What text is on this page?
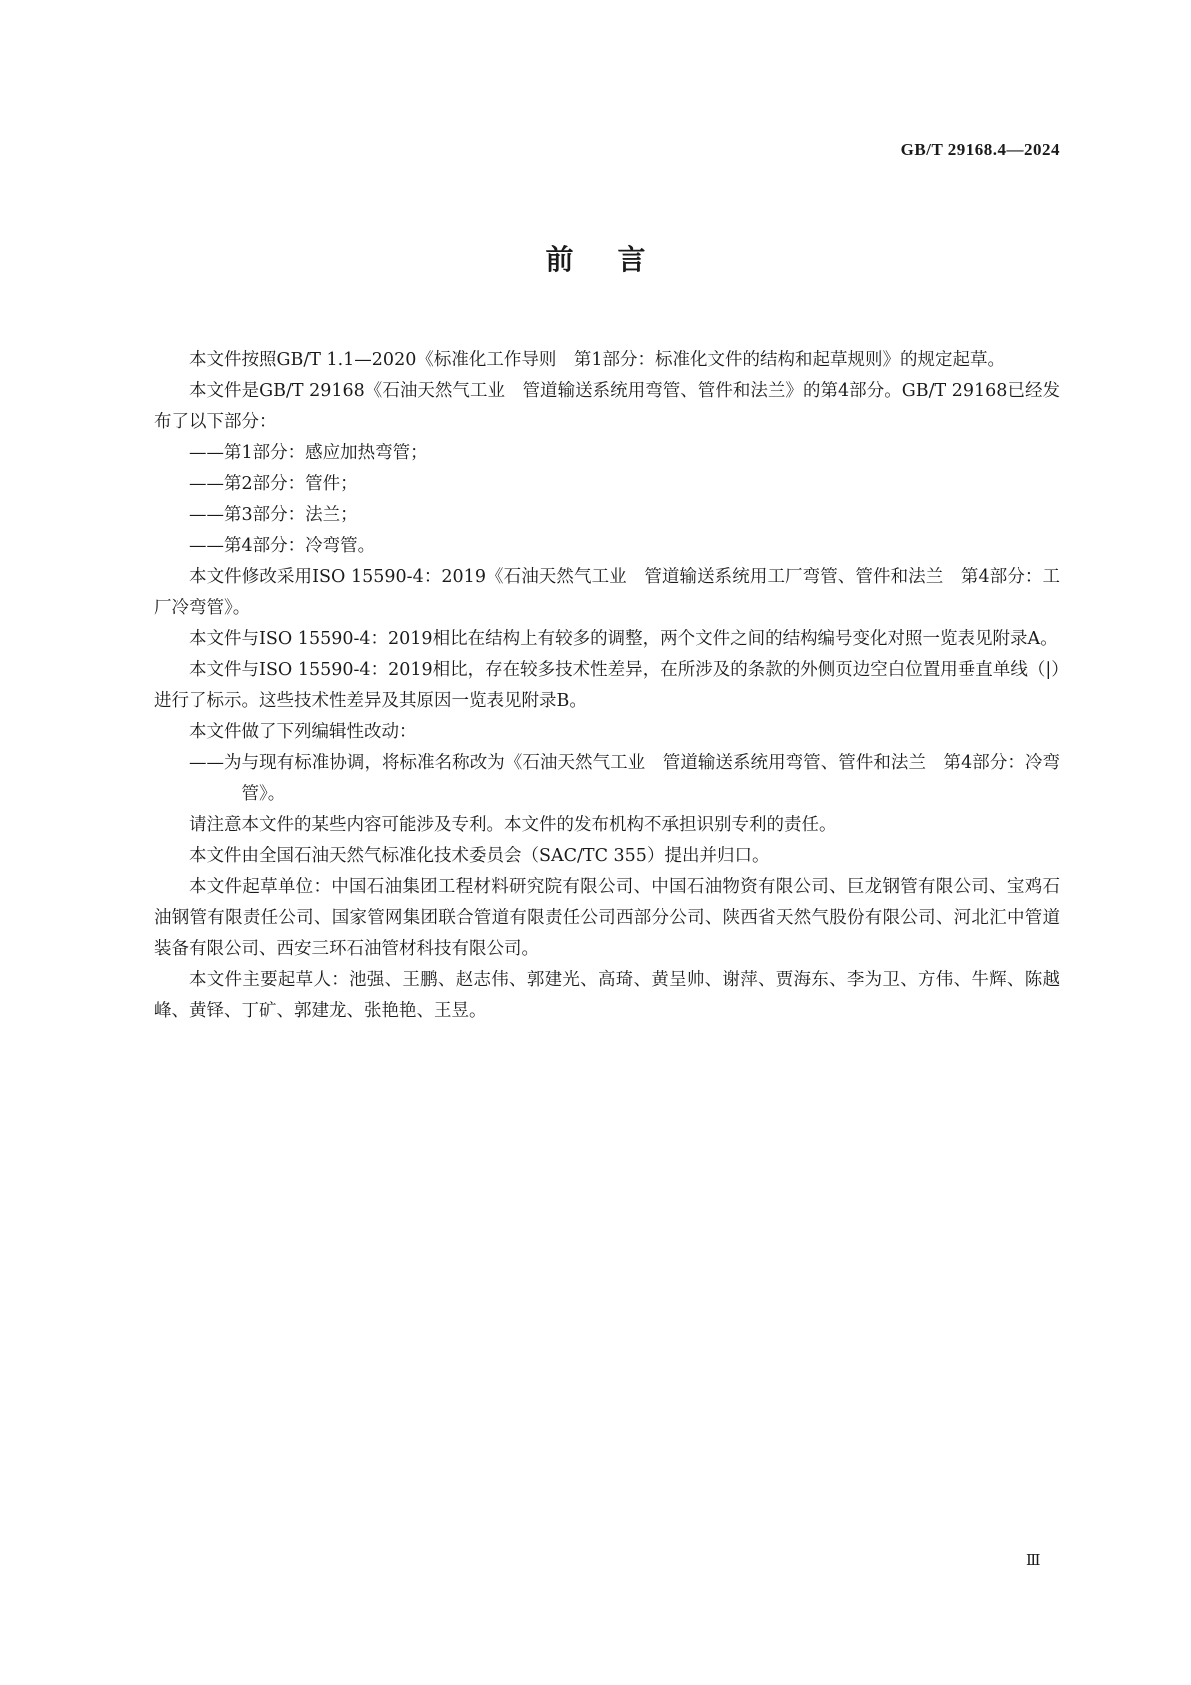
GB/T 29168.4—2024
前言

本文件按照GB/T 1.1—2020《标准化工作导则　第1部分：标准化文件的结构和起草规则》的规定起草。

本文件是GB/T 29168《石油天然气工业　管道输送系统用弯管、管件和法兰》的第4部分。GB/T 29168已经发布了以下部分：

——第1部分：感应加热弯管；

——第2部分：管件；

——第3部分：法兰；

——第4部分：冷弯管。

本文件修改采用ISO 15590-4：2019《石油天然气工业　管道输送系统用工厂弯管、管件和法兰　第4部分：工厂冷弯管》。

本文件与ISO 15590-4：2019相比在结构上有较多的调整，两个文件之间的结构编号变化对照一览表见附录A。

本文件与ISO 15590-4：2019相比，存在较多技术性差异，在所涉及的条款的外侧页边空白位置用垂直单线（|）进行了标示。这些技术性差异及其原因一览表见附录B。

本文件做了下列编辑性改动：

——为与现有标准协调，将标准名称改为《石油天然气工业　管道输送系统用弯管、管件和法兰　第4部分：冷弯管》。

请注意本文件的某些内容可能涉及专利。本文件的发布机构不承担识别专利的责任。

本文件由全国石油天然气标准化技术委员会（SAC/TC 355）提出并归口。

本文件起草单位：中国石油集团工程材料研究院有限公司、中国石油物资有限公司、巨龙钢管有限公司、宝鸡石油钢管有限责任公司、国家管网集团联合管道有限责任公司西部分公司、陕西省天然气股份有限公司、河北汇中管道装备有限公司、西安三环石油管材科技有限公司。

本文件主要起草人：池强、王鹏、赵志伟、郭建光、高琦、黄呈帅、谢萍、贾海东、李为卫、方伟、牛辉、陈越峰、黄铎、丁矿、郭建龙、张艳艳、王昱。

Ⅲ
